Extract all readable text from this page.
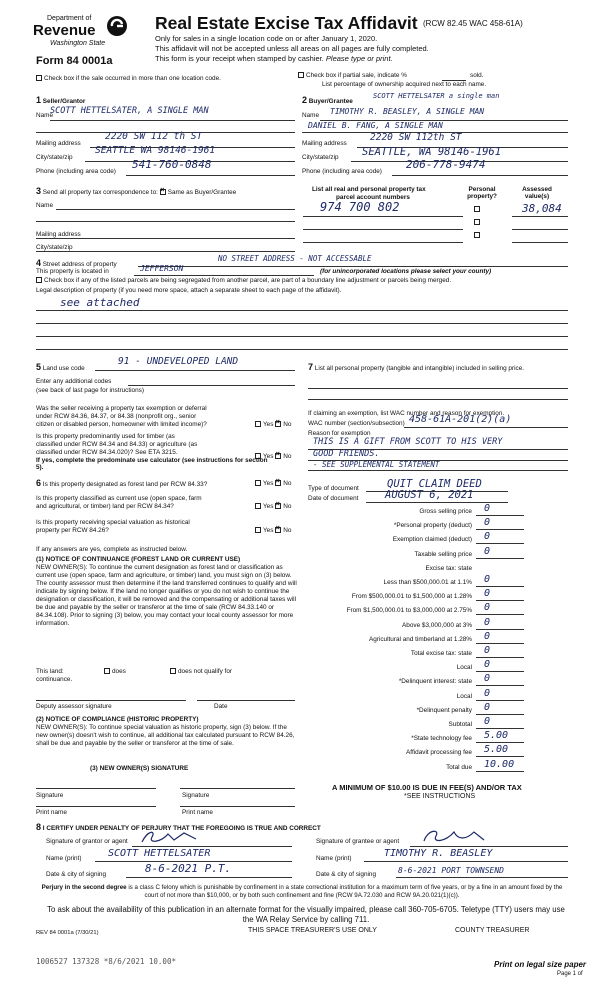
Department of
Revenue
Washington State
Form 84 0001a
Real Estate Excise Tax Affidavit (RCW 82.45 WAC 458-61A)
Only for sales in a single location code on or after January 1, 2020.
This affidavit will not be accepted unless all areas on all pages are fully completed.
This form is your receipt when stamped by cashier. Please type or print.
Check box if the sale occurred in more than one location code.	Check box if partial sale, indicate %	sold.
List percentage of ownership acquired next to each name.
1 Seller/Grantor
Name
SCOTT HETTELSATER, A SINGLE MAN
Mailing address
2220 SW 112 th ST
City/state/zip
SEATTLE WA 98146-1961
Phone (including area code)
541-760-0848
2 Buyer/Grantee
SCOTT HETTELSATER a single man
Name TIMOTHY R. BEASLEY, A SINGLE MAN
DANIEL B. FANG, A SINGLE MAN
Mailing address
2220 SW 112th ST
City/state/zip SEATTLE, WA 98146-1961
Phone (including area code)
206-778-9474
3 Send all property tax correspondence to: × Same as Buyer/Grantee
Name
Mailing address
City/state/zip
List all real and personal property tax
parcel account numbers
Personal property?
Assessed value(s)
974 700 802	38,084
4 Street address of property
NO STREET ADDRESS - NOT ACCESSABLE
This property is located in	JEFFERSON	(for unincorporated locations please select your county)
Check box if any of the listed parcels are being segregated from another parcel, are part of a boundary line adjustment or parcels being merged.
Legal description of property (if you need more space, attach a separate sheet to each page of the affidavit).
see attached
5 Land use code
91 - UNDEVELOPED LAND
Enter any additional codes
(see back of last page for instructions)
Was the seller receiving a property tax exemption or deferral
under RCW 84.36, 84.37, or 84.38 (nonprofit org., senior
citizen or disabled person, homeowner with limited income)?	Yes × No
Is this property predominantly used for timber (as
classified under RCW 84.34 and 84.33) or agriculture (as
classified under RCW 84.34.020)? See ETA 3215.
Yes × No
If yes, complete the predominate use calculator (see instructions for section 5).
6 Is this property designated as forest land per RCW 84.33?	Yes × No
Is this property classified as current use (open space, farm
and agricultural, or timber) land per RCW 84.34?	Yes × No
Is this property receiving special valuation as historical
property per RCW 84.26?	Yes × No
If any answers are yes, complete as instructed below.
(1) NOTICE OF CONTINUANCE (FOREST LAND OR CURRENT USE)
NEW OWNER(S): To continue the current designation as forest land or classification as current use (open space, farm and agriculture, or timber) land, you must sign on (3) below. The county assessor must then determine if the land transferred continues to qualify and will indicate by signing below. If the land no longer qualifies or you do not wish to continue the designation or classification, it will be removed and the compensating or additional taxes will be due and payable by the seller or transferor at the time of sale (RCW 84.33.140 or 84.34.108). Prior to signing (3) below, you may contact your local county assessor for more information.
This land:	does	does not qualify for
continuance.
Deputy assessor signature	Date
(2) NOTICE OF COMPLIANCE (HISTORIC PROPERTY)
NEW OWNER(S): To continue special valuation as historic property, sign (3) below. If the new owner(s) doesn't wish to continue, all additional tax calculated pursuant to RCW 84.26, shall be due and payable by the seller or transferor at the time of sale.
(3) NEW OWNER(S) SIGNATURE
Signature	Signature
Print name	Print name
7 List all personal property (tangible and intangible) included in selling price.
If claiming an exemption, list WAC number and reason for exemption.
WAC number (section/subsection) 458-61A-201(2)(a)
Reason for exemption
THIS IS A GIFT FROM SCOTT TO HIS VERY
GOOD FRIENDS.
- SEE SUPPLEMENTAL STATEMENT
Type of document	QUIT CLAIM DEED
Date of document	AUGUST 6, 2021
Gross selling price 0
*Personal property (deduct) 0
Exemption claimed (deduct) 0
Taxable selling price 0
Excise tax: state
Less than $500,000.01 at 1.1% 0
From $500,000.01 to $1,500,000 at 1.28% 0
From $1,500,000.01 to $3,000,000 at 2.75% 0
Above $3,000,000 at 3% 0
Agricultural and timberland at 1.28% 0
Total excise tax: state 0
Local 0
*Delinquent interest: state 0
Local 0
*Delinquent penalty 0
Subtotal 0
*State technology fee 5.00
Affidavit processing fee 5.00
Total due 10.00
A MINIMUM OF $10.00 IS DUE IN FEE(S) AND/OR TAX
*SEE INSTRUCTIONS
8 I CERTIFY UNDER PENALTY OF PERJURY THAT THE FOREGOING IS TRUE AND CORRECT
Signature of grantor or agent	Signature of grantee or agent
Name (print)	SCOTT HETTELSATER	Name (print)	TIMOTHY R. BEASLEY
Date & city of signing	8-6-2021 P.T.	Date & city of signing	8-6-2021 PORT TOWNSEND
Perjury in the second degree is a class C felony which is punishable by confinement in a state correctional institution for a maximum term of five years, or by a fine in an amount fixed by the court of not more than $10,000, or by both such confinement and fine (RCW 9A.72.030 and RCW 9A.20.021(1)(c)).
To ask about the availability of this publication in an alternate format for the visually impaired, please call 360-705-6705. Teletype (TTY) users may use the WA Relay Service by calling 711.
REV 84 0001a (7/30/21)	THIS SPACE TREASURER'S USE ONLY	COUNTY TREASURER
1006527 137328 *8/6/2021 10.00*	Print on legal size paper
Page 1 of
